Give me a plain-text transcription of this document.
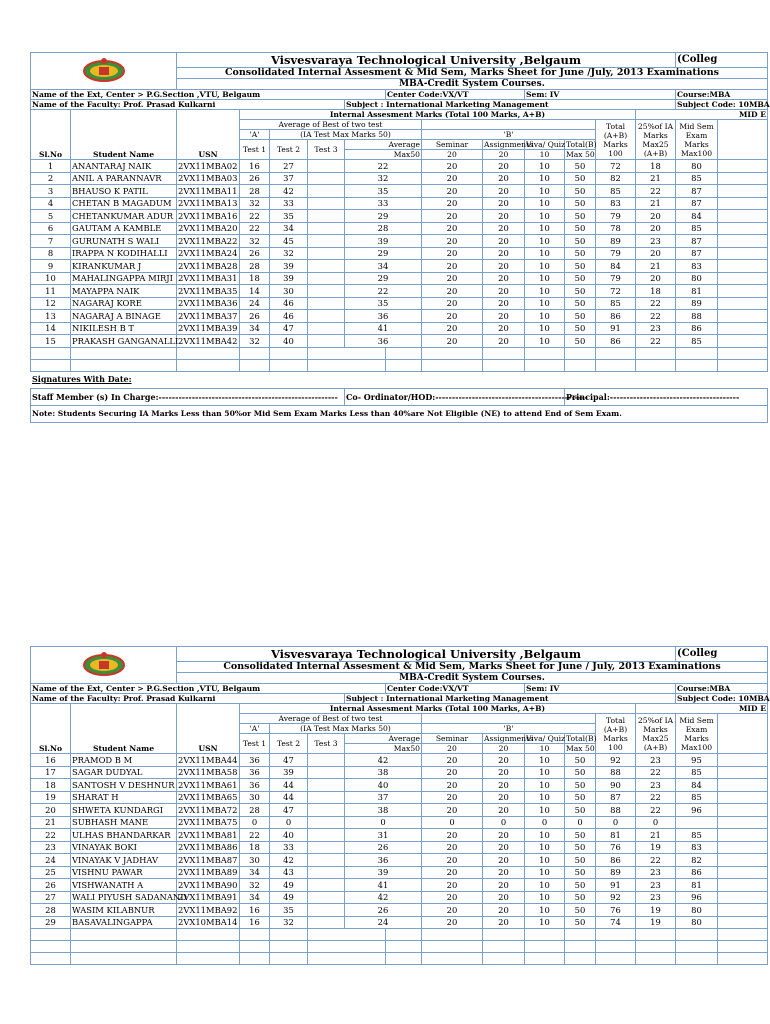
	Visvesvaraya Technological University ,Belgaum												(Colleg	
		Consolidated Internal Assesment & Mid Sem, Marks Sheet for June /July, 2013 Examinations													
		MBA-Credit System Courses.													
Name of the Ext, Center > P.G.Section ,VTU, Belgaum							Center Code:VX/VT			Sem: IV				Course:MBA	
Name of the Faculty: Prof. Prasad Kulkarni						Subject : International Marketing Management								Subject Code: 10MBA	
Sl.No	Student Name	USN	Internal Assesment Marks (Total 100 Marks, A+B)										MID E		
			Average of Best of two test									Total
(A+B)
Marks
100	25%of IA
Marks
Max25
(A+B)	Mid Sem
Exam
Marks
Max100	
			'A'	(IA Test Max Marks 50)				'B'							
			Test 1	Test 2	Test 3	Average		Seminar	Assignments	Viva/ Quiz	Total(B)				
						Max50		20	20	10	Max 50				
1	ANANTARAJ NAIK	2VX11MBA02	16	27		22		20	20	10	50	72	18	80	
2	ANIL A PARANNAVR	2VX11MBA03	26	37		32		20	20	10	50	82	21	85	
3	BHAUSO K PATIL	2VX11MBA11	28	42		35		20	20	10	50	85	22	87	
4	CHETAN B MAGADUM	2VX11MBA13	32	33		33		20	20	10	50	83	21	87	
5	CHETANKUMAR ADUR	2VX11MBA16	22	35		29		20	20	10	50	79	20	84	
6	GAUTAM A KAMBLE	2VX11MBA20	22	34		28		20	20	10	50	78	20	85	
7	GURUNATH S WALI	2VX11MBA22	32	45		39		20	20	10	50	89	23	87	
8	IRAPPA N KODIHALLI	2VX11MBA24	26	32		29		20	20	10	50	79	20	87	
9	KIRANKUMAR J	2VX11MBA28	28	39		34		20	20	10	50	84	21	83	
10	MAHALINGAPPA MIRJI	2VX11MBA31	18	39		29		20	20	10	50	79	20	80	
11	MAYAPPA NAIK	2VX11MBA35	14	30		22		20	20	10	50	72	18	81	
12	NAGARAJ KORE	2VX11MBA36	24	46		35		20	20	10	50	85	22	89	
13	NAGARAJ A BINAGE	2VX11MBA37	26	46		36		20	20	10	50	86	22	88	
14	NIKILESH B T	2VX11MBA39	34	47		41		20	20	10	50	91	23	86	
15	PRAKASH GANGANALLI	2VX11MBA42	32	40		36		20	20	10	50	86	22	85	

Signatures With Date:															
Staff Member (s) In Charge:------------------------------------------------------						Co- Ordinator/HOD:----------------------------------------------					Principal:---------------------------------------				
Note: Students Securing IA Marks Less than 50%or Mid Sem Exam Marks Less than 40%are Not Eligible (NE) to attend End of Sem Exam.															
	Visvesvaraya Technological University ,Belgaum												(Colleg	
		Consolidated Internal Assesment & Mid Sem, Marks Sheet for June / July, 2013 Examinations													
		MBA-Credit System Courses.													
Name of the Ext, Center > P.G.Section ,VTU, Belgaum							Center Code:VX/VT			Sem: IV				Course:MBA	
Name of the Faculty: Prof. Prasad Kulkarni						Subject : International Marketing Management								Subject Code: 10MBA	
Sl.No	Student Name	USN	Internal Assesment Marks (Total 100 Marks, A+B)										MID E		
			Average of Best of two test									Total
(A+B)
Marks
100	25%of IA
Marks
Max25
(A+B)	Mid Sem
Exam
Marks
Max100	
			'A'	(IA Test Max Marks 50)				'B'							
			Test 1	Test 2	Test 3	Average		Seminar	Assignments	Viva/ Quiz	Total(B)				
						Max50		20	20	10	Max 50				
16	PRAMOD B M	2VX11MBA44	36	47		42		20	20	10	50	92	23	95	
17	SAGAR DUDYAL	2VX11MBA58	36	39		38		20	20	10	50	88	22	85	
18	SANTOSH V DESHNUR	2VX11MBA61	36	44		40		20	20	10	50	90	23	84	
19	SHARAT H	2VX11MBA65	30	44		37		20	20	10	50	87	22	85	
20	SHWETA KUNDARGI	2VX11MBA72	28	47		38		20	20	10	50	88	22	96	
21	SUBHASH MANE	2VX11MBA75	0	0		0		0	0	0	0	0	0		
22	ULHAS BHANDARKAR	2VX11MBA81	22	40		31		20	20	10	50	81	21	85	
23	VINAYAK BOKI	2VX11MBA86	18	33		26		20	20	10	50	76	19	83	
24	VINAYAK V JADHAV	2VX11MBA87	30	42		36		20	20	10	50	86	22	82	
25	VISHNU PAWAR	2VX11MBA89	34	43		39		20	20	10	50	89	23	86	
26	VISHWANATH A	2VX11MBA90	32	49		41		20	20	10	50	91	23	81	
27	WALI PIYUSH SADANAND	2VX11MBA91	34	49		42		20	20	10	50	92	23	96	
28	WASIM KILABNUR	2VX11MBA92	16	35		26		20	20	10	50	76	19	80	
29	BASAVALINGAPPA	2VX10MBA14	16	32		24		20	20	10	50	74	19	80	
